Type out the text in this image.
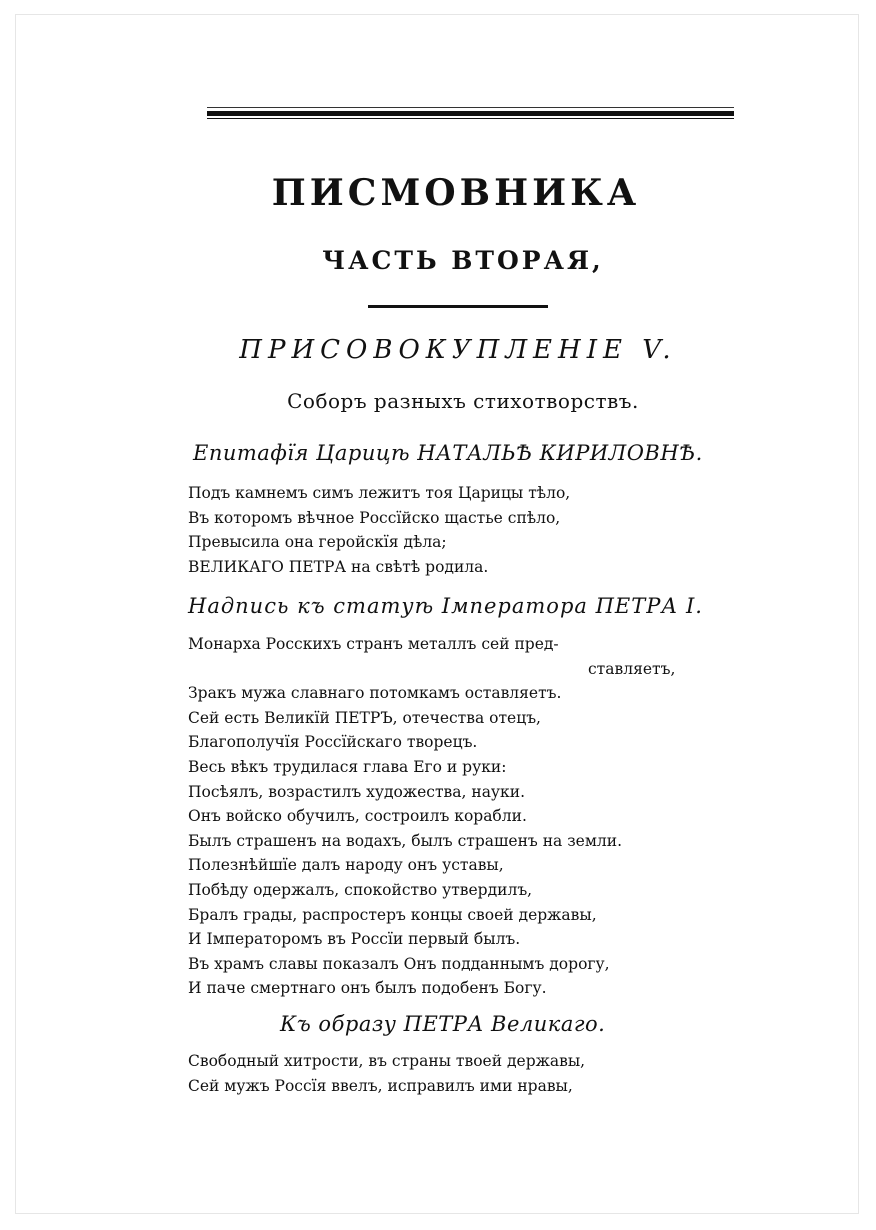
ПИСМОВНИКА
ЧАСТЬ ВТОРАЯ,
ПРИСОВОКУПЛЕНIЕ V.
Соборъ разныхъ стихотворствъ.
Епитафїя Царицѣ НАТАЛЬѢ КИРИЛОВНѢ.
Подъ камнемъ симъ лежитъ тоя Царицы тѣло,
Въ которомъ вѣчное Россїйско щастье спѣло,
Превысила она геройскїя дѣла;
ВЕЛИКАГО ПЕТРА на свѣтѣ родила.
Надпись къ статуѣ Iмператора ПЕТРА I.
Монарха Росскихъ странъ металлъ сей пред-
ставляетъ,
Зракъ мужа славнаго потомкамъ оставляетъ.
Сей есть Великїй ПЕТРЪ, отечества отецъ,
Благополучїя Россїйскаго творецъ.
Весь вѣкъ трудилася глава Его и руки:
Посѣялъ, возрастилъ художества, науки.
Онъ войско обучилъ, состроилъ корабли.
Былъ страшенъ на водахъ, былъ страшенъ на земли.
Полезнѣйшїе далъ народу онъ уставы,
Побѣду одержалъ, спокойство утвердилъ,
Бралъ грады, распростеръ концы своей державы,
И Iмператоромъ въ Россїи первый былъ.
Въ храмъ славы показалъ Онъ подданнымъ дорогу,
И паче смертнаго онъ былъ подобенъ Богу.
Къ образу ПЕТРА Великаго.
Свободный хитрости, въ страны твоей державы,
Сей мужъ Россїя ввелъ, исправилъ ими нравы,
